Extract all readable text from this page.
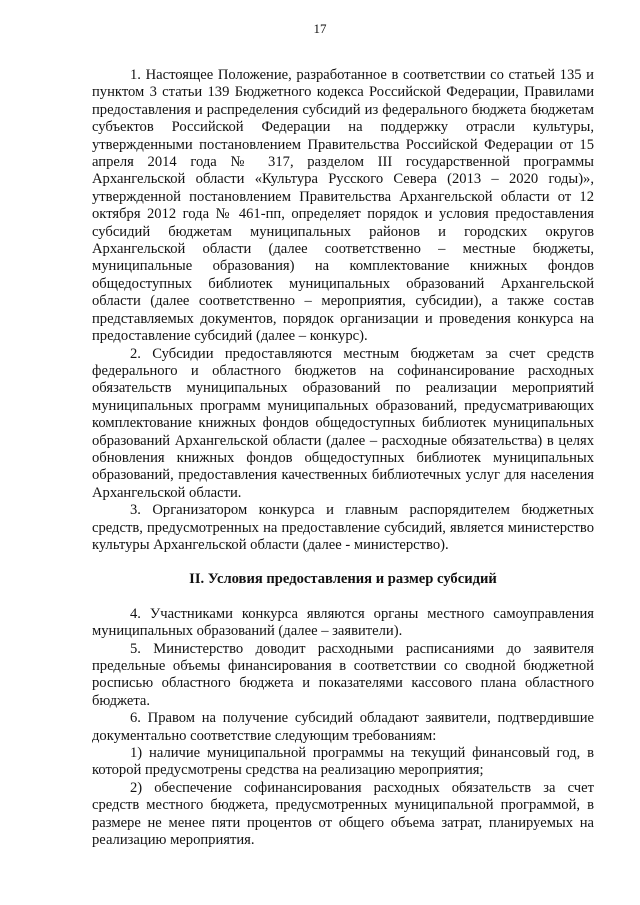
17

1. Настоящее Положение, разработанное в соответствии со статьей 135 и пунктом 3 статьи 139 Бюджетного кодекса Российской Федерации, Правилами предоставления и распределения субсидий из федерального бюджета бюджетам субъектов Российской Федерации на поддержку отрасли культуры, утвержденными постановлением Правительства Российской Федерации от 15 апреля 2014 года № 317, разделом III государственной программы Архангельской области «Культура Русского Севера (2013 – 2020 годы)», утвержденной постановлением Правительства Архангельской области от 12 октября 2012 года № 461-пп, определяет порядок и условия предоставления субсидий бюджетам муниципальных районов и городских округов Архангельской области (далее соответственно – местные бюджеты, муниципальные образования) на комплектование книжных фондов общедоступных библиотек муниципальных образований Архангельской области (далее соответственно – мероприятия, субсидии), а также состав представляемых документов, порядок организации и проведения конкурса на предоставление субсидий (далее – конкурс).

2. Субсидии предоставляются местным бюджетам за счет средств федерального и областного бюджетов на софинансирование расходных обязательств муниципальных образований по реализации мероприятий муниципальных программ муниципальных образований, предусматривающих комплектование книжных фондов общедоступных библиотек муниципальных образований Архангельской области (далее – расходные обязательства) в целях обновления книжных фондов общедоступных библиотек муниципальных образований, предоставления качественных библиотечных услуг для населения Архангельской области.

3. Организатором конкурса и главным распорядителем бюджетных средств, предусмотренных на предоставление субсидий, является министерство культуры Архангельской области (далее - министерство).

II. Условия предоставления и размер субсидий

4. Участниками конкурса являются органы местного самоуправления муниципальных образований (далее – заявители).

5. Министерство доводит расходными расписаниями до заявителя предельные объемы финансирования в соответствии со сводной бюджетной росписью областного бюджета и показателями кассового плана областного бюджета.

6. Правом на получение субсидий обладают заявители, подтвердившие документально соответствие следующим требованиям:

1) наличие муниципальной программы на текущий финансовый год, в которой предусмотрены средства на реализацию мероприятия;

2) обеспечение софинансирования расходных обязательств за счет средств местного бюджета, предусмотренных муниципальной программой, в размере не менее пяти процентов от общего объема затрат, планируемых на реализацию мероприятия.
